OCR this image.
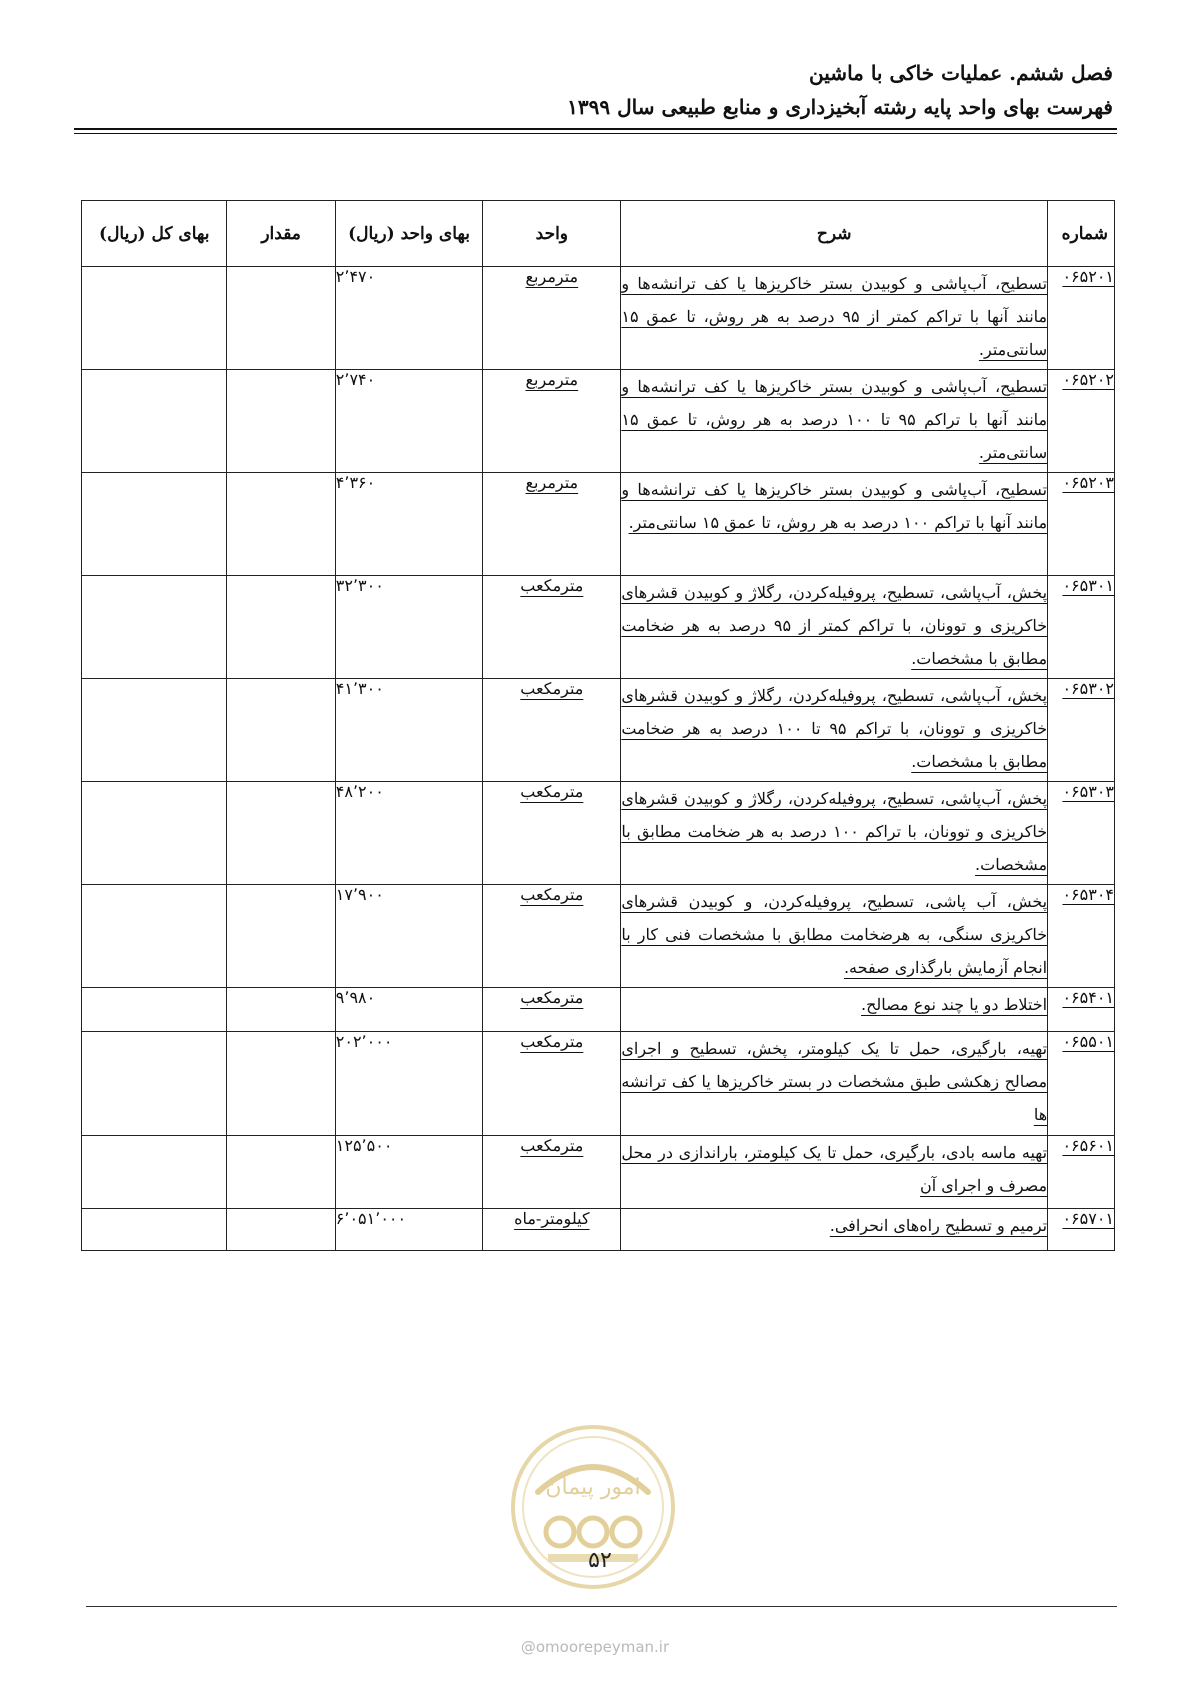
فصل ششم. عملیات خاکی با ماشین
فهرست بهای واحد پایه رشته آبخیزداری و منابع طبیعی سال ۱۳۹۹
شماره	شرح	واحد	بهای واحد (ریال)	مقدار	بهای کل (ریال)
۰۶۵۲۰۱	تسطیح، آب‌پاشی و کوبیدن بستر خاکریزها یا کف ترانشه‌ها و مانند آنها با تراکم کمتر از ۹۵ درصد به هر روش، تا عمق ۱۵ سانتی‌متر.	مترمربع	۲٬۴۷۰		
۰۶۵۲۰۲	تسطیح، آب‌پاشی و کوبیدن بستر خاکریزها یا کف ترانشه‌ها و مانند آنها با تراکم ۹۵ تا ۱۰۰ درصد به هر روش، تا عمق ۱۵ سانتی‌متر.	مترمربع	۲٬۷۴۰		
۰۶۵۲۰۳	تسطیح، آب‌پاشی و کوبیدن بستر خاکریزها یا کف ترانشه‌ها و مانند آنها با تراکم ۱۰۰ درصد به هر روش، تا عمق ۱۵ سانتی‌متر.	مترمربع	۴٬۳۶۰		
۰۶۵۳۰۱	پخش، آب‌پاشی، تسطیح، پروفیله‌کردن، رگلاژ و کوبیدن قشرهای خاکریزی و توونان، با تراکم کمتر از ۹۵ درصد به هر ضخامت مطابق با مشخصات.	مترمکعب	۳۲٬۳۰۰		
۰۶۵۳۰۲	پخش، آب‌پاشی، تسطیح، پروفیله‌کردن، رگلاژ و کوبیدن قشرهای خاکریزی و توونان، با تراکم ۹۵ تا ۱۰۰ درصد به هر ضخامت مطابق با مشخصات.	مترمکعب	۴۱٬۳۰۰		
۰۶۵۳۰۳	پخش، آب‌پاشی، تسطیح، پروفیله‌کردن، رگلاژ و کوبیدن قشرهای خاکریزی و توونان، با تراکم ۱۰۰ درصد به هر ضخامت مطابق با مشخصات.	مترمکعب	۴۸٬۲۰۰		
۰۶۵۳۰۴	پخش، آب پاشی، تسطیح، پروفیله‌کردن، و کوبیدن قشرهای خاکریزی سنگی، به هرضخامت مطابق با مشخصات فنی کار با انجام آزمایش بارگذاری صفحه.	مترمکعب	۱۷٬۹۰۰		
۰۶۵۴۰۱	اختلاط دو یا چند نوع مصالح.	مترمکعب	۹٬۹۸۰		
۰۶۵۵۰۱	تهیه، بارگیری، حمل تا یک کیلومتر، پخش، تسطیح و اجرای مصالح زهکشی طبق مشخصات در بستر خاکریزها یا کف ترانشه ها	مترمکعب	۲۰۲٬۰۰۰		
۰۶۵۶۰۱	تهیه ماسه بادی، بارگیری، حمل تا یک کیلومتر، باراندازی در محل مصرف و اجرای آن	مترمکعب	۱۲۵٬۵۰۰		
۰۶۵۷۰۱	ترمیم و تسطیح راه‌های انحرافی.	کیلومتر-ماه	۶٬۰۵۱٬۰۰۰		
امور پیمان
۵۲
@omoorepeyman.ir
